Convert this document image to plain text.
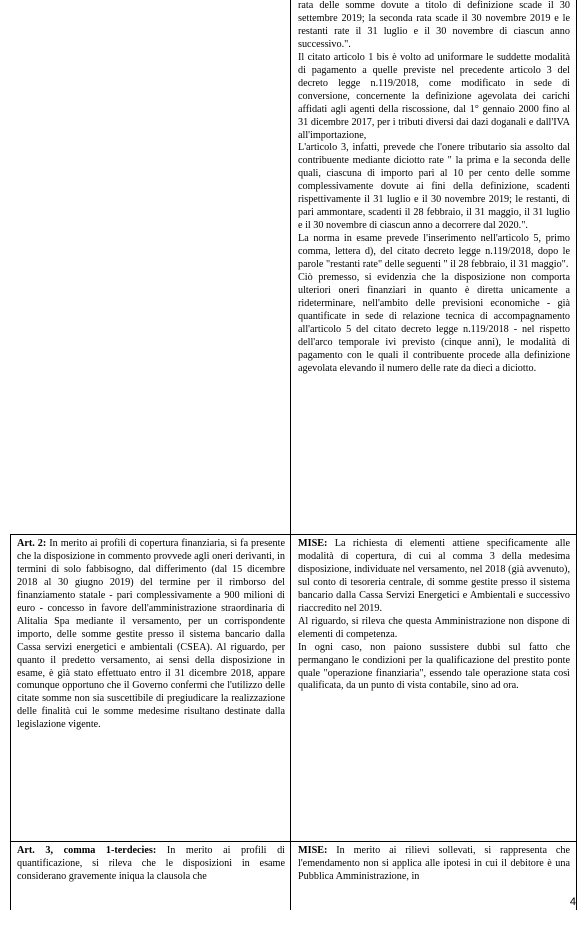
rata delle somme dovute a titolo di definizione scade il 30 settembre 2019; la seconda rata scade il 30 novembre 2019 e le restanti rate il 31 luglio e il 30 novembre di ciascun anno successivo.".

Il citato articolo 1 bis è volto ad uniformare le suddette modalità di pagamento a quelle previste nel precedente articolo 3 del decreto legge n.119/2018, come modificato in sede di conversione, concernente la definizione agevolata dei carichi affidati agli agenti della riscossione, dal 1° gennaio 2000 fino al 31 dicembre 2017, per i tributi diversi dai dazi doganali e dall'IVA all'importazione,

L'articolo 3, infatti, prevede che l'onere tributario sia assolto dal contribuente mediante diciotto rate " la prima e la seconda delle quali, ciascuna di importo pari al 10 per cento delle somme complessivamente dovute ai fini della definizione, scadenti rispettivamente il 31 luglio e il 30 novembre 2019; le restanti, di pari ammontare, scadenti il 28 febbraio, il 31 maggio, il 31 luglio e il 30 novembre di ciascun anno a decorrere dal 2020.".

La norma in esame prevede l'inserimento nell'articolo 5, primo comma, lettera d), del citato decreto legge n.119/2018, dopo le parole "restanti rate" delle seguenti " il 28 febbraio, il 31 maggio".

Ciò premesso, si evidenzia che la disposizione non comporta ulteriori oneri finanziari in quanto è diretta unicamente a rideterminare, nell'ambito delle previsioni economiche - già quantificate in sede di relazione tecnica di accompagnamento all'articolo 5 del citato decreto legge n.119/2018 - nel rispetto dell'arco temporale ivi previsto (cinque anni), le modalità di pagamento con le quali il contribuente procede alla definizione agevolata elevando il numero delle rate da dieci a diciotto.

Art. 2: In merito ai profili di copertura finanziaria, si fa presente che la disposizione in commento provvede agli oneri derivanti, in termini di solo fabbisogno, dal differimento (dal 15 dicembre 2018 al 30 giugno 2019) del termine per il rimborso del finanziamento statale - pari complessivamente a 900 milioni di euro - concesso in favore dell'amministrazione straordinaria di Alitalia Spa mediante il versamento, per un corrispondente importo, delle somme gestite presso il sistema bancario dalla Cassa servizi energetici e ambientali (CSEA). Al riguardo, per quanto il predetto versamento, ai sensi della disposizione in esame, è già stato effettuato entro il 31 dicembre 2018, appare comunque opportuno che il Governo confermi che l'utilizzo delle citate somme non sia suscettibile di pregiudicare la realizzazione delle finalità cui le somme medesime risultano destinate dalla legislazione vigente.

MISE: La richiesta di elementi attiene specificamente alle modalità di copertura, di cui al comma 3 della medesima disposizione, individuate nel versamento, nel 2018 (già avvenuto), sul conto di tesoreria centrale, di somme gestite presso il sistema bancario dalla Cassa Servizi Energetici e Ambientali e successivo riaccredito nel 2019.

Al riguardo, si rileva che questa Amministrazione non dispone di elementi di competenza.

In ogni caso, non paiono sussistere dubbi sul fatto che permangano le condizioni per la qualificazione del prestito ponte quale "operazione finanziaria", essendo tale operazione stata così qualificata, da un punto di vista contabile, sino ad ora.

Art. 3, comma 1-terdecies: In merito ai profili di quantificazione, si rileva che le disposizioni in esame considerano gravemente iniqua la clausola che

MISE: In merito ai rilievi sollevati, si rappresenta che l'emendamento non si applica alle ipotesi in cui il debitore è una Pubblica Amministrazione, in

4
